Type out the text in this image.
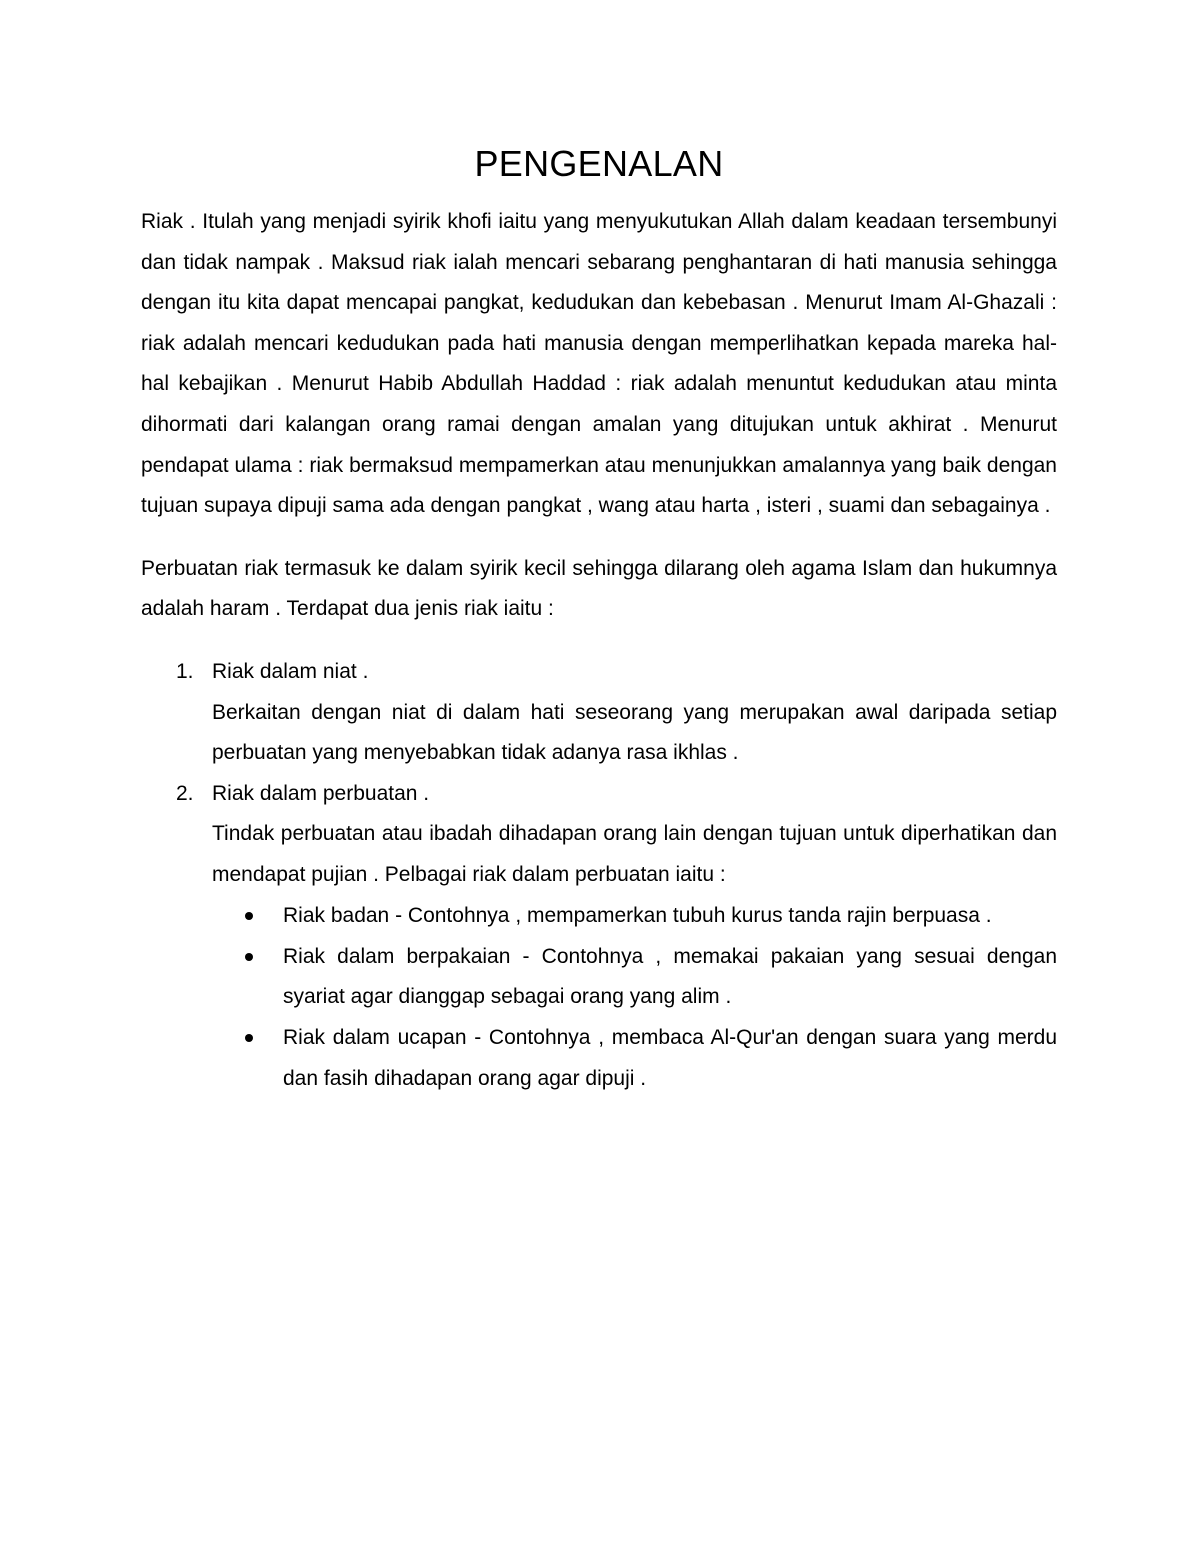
PENGENALAN

Riak . Itulah yang menjadi syirik khofi iaitu yang menyukutukan Allah dalam keadaan tersembunyi dan tidak nampak . Maksud riak ialah mencari sebarang penghantaran di hati manusia sehingga dengan itu kita dapat mencapai pangkat, kedudukan dan kebebasan . Menurut Imam Al-Ghazali : riak adalah mencari kedudukan pada hati manusia dengan memperlihatkan kepada mareka hal-hal kebajikan . Menurut Habib Abdullah Haddad : riak adalah menuntut kedudukan atau minta dihormati dari kalangan orang ramai dengan amalan yang ditujukan untuk akhirat . Menurut pendapat ulama : riak bermaksud mempamerkan atau menunjukkan amalannya yang baik dengan tujuan supaya dipuji sama ada dengan pangkat , wang atau harta , isteri , suami dan sebagainya .

Perbuatan riak termasuk ke dalam syirik kecil sehingga dilarang oleh agama Islam dan hukumnya adalah haram . Terdapat dua jenis riak iaitu :

1. Riak dalam niat .
Berkaitan dengan niat di dalam hati seseorang yang merupakan awal daripada setiap perbuatan yang menyebabkan tidak adanya rasa ikhlas .
2. Riak dalam perbuatan .
Tindak perbuatan atau ibadah dihadapan orang lain dengan tujuan untuk diperhatikan dan mendapat pujian . Pelbagai riak dalam perbuatan iaitu :
Riak badan - Contohnya , mempamerkan tubuh kurus tanda rajin berpuasa .
Riak dalam berpakaian - Contohnya , memakai pakaian yang sesuai dengan syariat agar dianggap sebagai orang yang alim .
Riak dalam ucapan - Contohnya , membaca Al-Qur'an dengan suara yang merdu dan fasih dihadapan orang agar dipuji .
